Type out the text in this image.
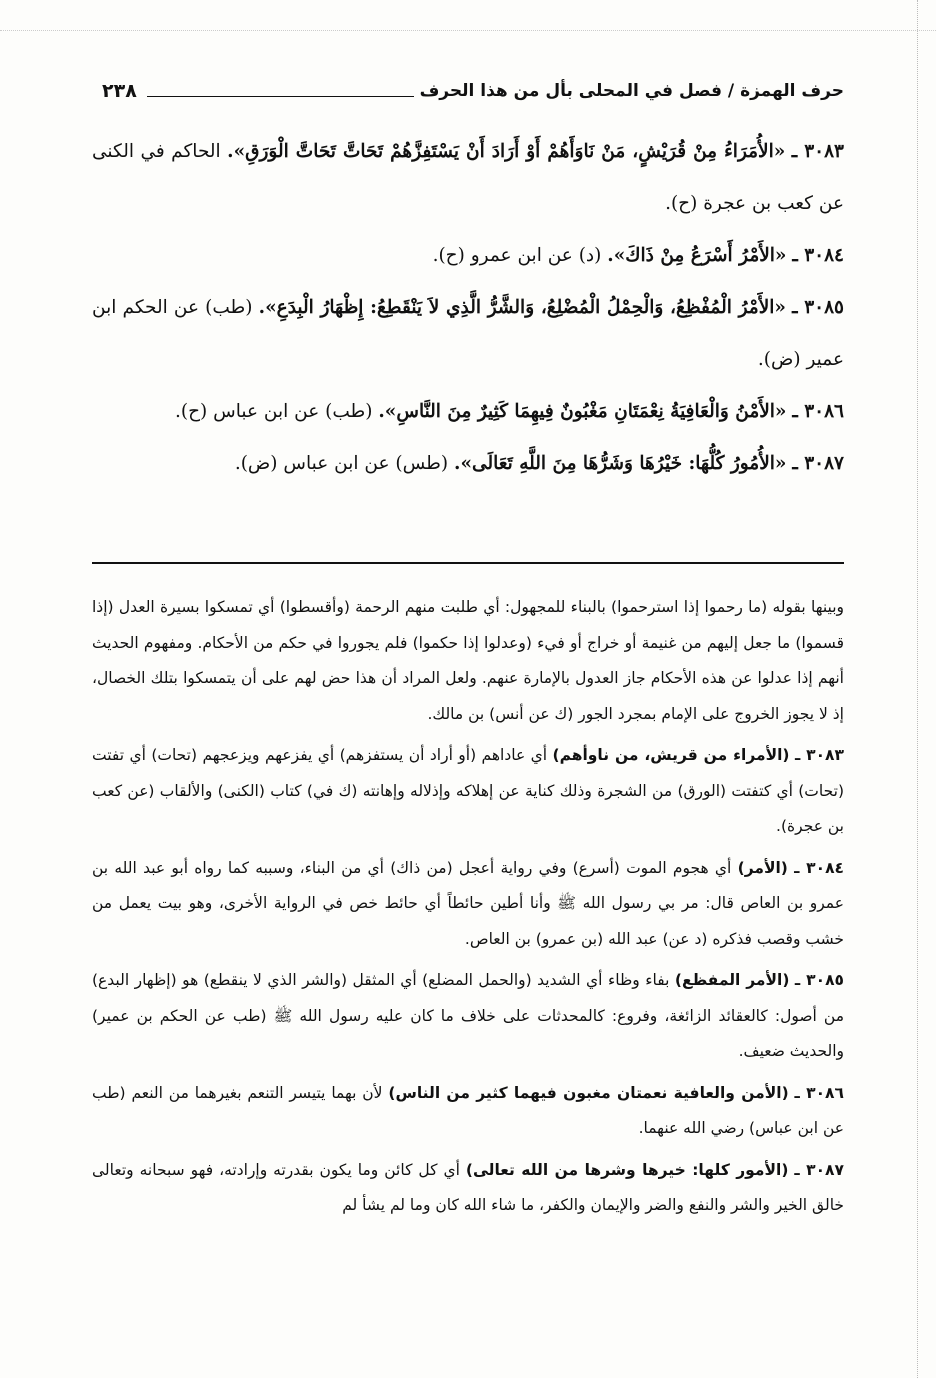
حرف الهمزة / فصل في المحلى بأل من هذا الحرف
٢٣٨

٣٠٨٣ ـ «الأُمَرَاءُ مِنْ قُرَيْشٍ، مَنْ نَاوَأَهُمْ أَوْ أَرَادَ أَنْ يَسْتَفِزَّهُمْ تَحَاتَّ تَحَاتَّ الْوَرَقِ». الحاكم في الكنى عن كعب بن عجرة (ح).

٣٠٨٤ ـ «الأَمْرُ أَسْرَعُ مِنْ ذَاكَ». (د) عن ابن عمرو (ح).

٣٠٨٥ ـ «الأَمْرُ الْمُفْظِعُ، وَالْحِمْلُ الْمُضْلِعُ، وَالشَّرُّ الَّذِي لاَ يَنْقَطِعُ: إِظْهَارُ الْبِدَعِ». (طب) عن الحكم ابن عمير (ض).

٣٠٨٦ ـ «الأَمْنُ وَالْعَافِيَةُ نِعْمَتَانِ مَغْبُونٌ فِيهِمَا كَثِيرٌ مِنَ النَّاسِ». (طب) عن ابن عباس (ح).

٣٠٨٧ ـ «الأُمُورُ كُلُّهَا: خَيْرُهَا وَشَرُّهَا مِنَ اللَّهِ تَعَالَى». (طس) عن ابن عباس (ض).

وبينها بقوله (ما رحموا إذا استرحموا) بالبناء للمجهول: أي طلبت منهم الرحمة (وأقسطوا) أي تمسكوا بسيرة العدل (إذا قسموا) ما جعل إليهم من غنيمة أو خراج أو فيء (وعدلوا إذا حكموا) فلم يجوروا في حكم من الأحكام. ومفهوم الحديث أنهم إذا عدلوا عن هذه الأحكام جاز العدول بالإمارة عنهم. ولعل المراد أن هذا حض لهم على أن يتمسكوا بتلك الخصال، إذ لا يجوز الخروج على الإمام بمجرد الجور (ك عن أنس) بن مالك.

٣٠٨٣ ـ (الأمراء من قريش، من ناوأهم) أي عاداهم (أو أراد أن يستفزهم) أي يفزعهم ويزعجهم (تحات) أي تفتت (تحات) أي كتفتت (الورق) من الشجرة وذلك كناية عن إهلاكه وإذلاله وإهانته (ك في) كتاب (الكنى) والألقاب (عن كعب بن عجرة).

٣٠٨٤ ـ (الأمر) أي هجوم الموت (أسرع) وفي رواية أعجل (من ذاك) أي من البناء، وسببه كما رواه أبو عبد الله بن عمرو بن العاص قال: مر بي رسول الله ﷺ وأنا أطين حائطاً أي حائط خص في الرواية الأخرى، وهو بيت يعمل من خشب وقصب فذكره (د عن) عبد الله (بن عمرو) بن العاص.

٣٠٨٥ ـ (الأمر المفظع) بفاء وظاء أي الشديد (والحمل المضلع) أي المثقل (والشر الذي لا ينقطع) هو (إظهار البدع) من أصول: كالعقائد الزائغة، وفروع: كالمحدثات على خلاف ما كان عليه رسول الله ﷺ (طب عن الحكم بن عمير) والحديث ضعيف.

٣٠٨٦ ـ (الأمن والعافية نعمتان مغبون فيهما كثير من الناس) لأن بهما يتيسر التنعم بغيرهما من النعم (طب عن ابن عباس) رضي الله عنهما.

٣٠٨٧ ـ (الأمور كلها: خيرها وشرها من الله تعالى) أي كل كائن وما يكون بقدرته وإرادته، فهو سبحانه وتعالى خالق الخير والشر والنفع والضر والإيمان والكفر، ما شاء الله كان وما لم يشأ لم
